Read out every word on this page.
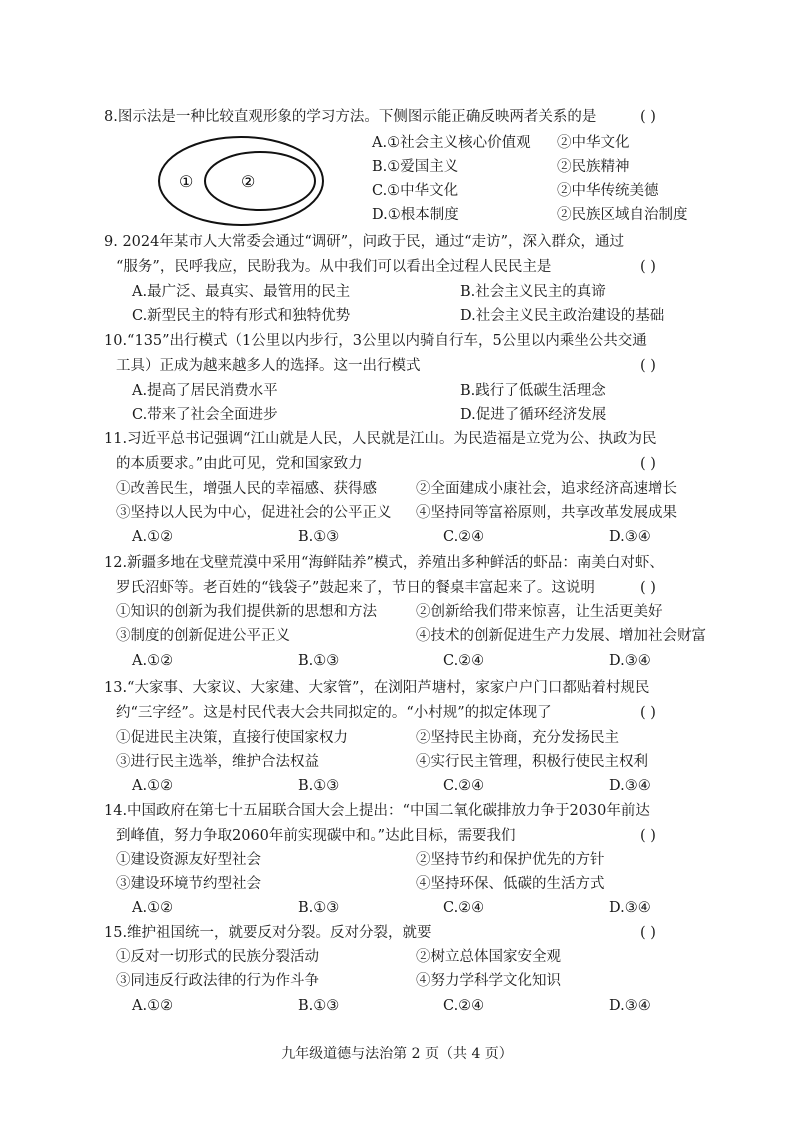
8.图示法是一种比较直观形象的学习方法。下侧图示能正确反映两者关系的是	( )
A.①社会主义核心价值观 ②中华文化
B.①爱国主义	②民族精神
C.①中华文化	②中华传统美德
D.①根本制度	②民族区域自治制度
①	②
9. 2024年某市人大常委会通过“调研”，问政于民，通过“走访”，深入群众，通过
“服务”，民呼我应，民盼我为。从中我们可以看出全过程人民民主是	( )
A.最广泛、最真实、最管用的民主	B.社会主义民主的真谛
C.新型民主的特有形式和独特优势	D.社会主义民主政治建设的基础
10.“135”出行模式（1公里以内步行，3公里以内骑自行车，5公里以内乘坐公共交通
工具）正成为越来越多人的选择。这一出行模式	( )
A.提高了居民消费水平	B.践行了低碳生活理念
C.带来了社会全面进步	D.促进了循环经济发展
11.习近平总书记强调“江山就是人民，人民就是江山。为民造福是立党为公、执政为民
的本质要求。”由此可见，党和国家致力	( )
①改善民生，增强人民的幸福感、获得感	②全面建成小康社会，追求经济高速增长
③坚持以人民为中心，促进社会的公平正义 ④坚持同等富裕原则，共享改革发展成果
A.①②	B.①③	C.②④	D.③④
12.新疆多地在戈壁荒漠中采用“海鲜陆养”模式，养殖出多种鲜活的虾品：南美白对虾、
罗氏沼虾等。老百姓的“钱袋子”鼓起来了，节日的餐桌丰富起来了。这说明	( )
①知识的创新为我们提供新的思想和方法	②创新给我们带来惊喜，让生活更美好
③制度的创新促进公平正义	④技术的创新促进生产力发展、增加社会财富
A.①②	B.①③	C.②④	D.③④
13.“大家事、大家议、大家建、大家管”，在浏阳芦塘村，家家户户门口都贴着村规民
约“三字经”。这是村民代表大会共同拟定的。“小村规”的拟定体现了	( )
①促进民主决策，直接行使国家权力	②坚持民主协商，充分发扬民主
③进行民主选举，维护合法权益	④实行民主管理，积极行使民主权利
A.①②	B.①③	C.②④	D.③④
14.中国政府在第七十五届联合国大会上提出：“中国二氧化碳排放力争于2030年前达
到峰值，努力争取2060年前实现碳中和。”达此目标，需要我们	( )
①建设资源友好型社会	②坚持节约和保护优先的方针
③建设环境节约型社会	④坚持环保、低碳的生活方式
A.①②	B.①③	C.②④	D.③④
15.维护祖国统一，就要反对分裂。反对分裂，就要	( )
①反对一切形式的民族分裂活动	②树立总体国家安全观
③同违反行政法律的行为作斗争	④努力学科学文化知识
A.①②	B.①③	C.②④	D.③④
九年级道德与法治第 2 页（共 4 页）
